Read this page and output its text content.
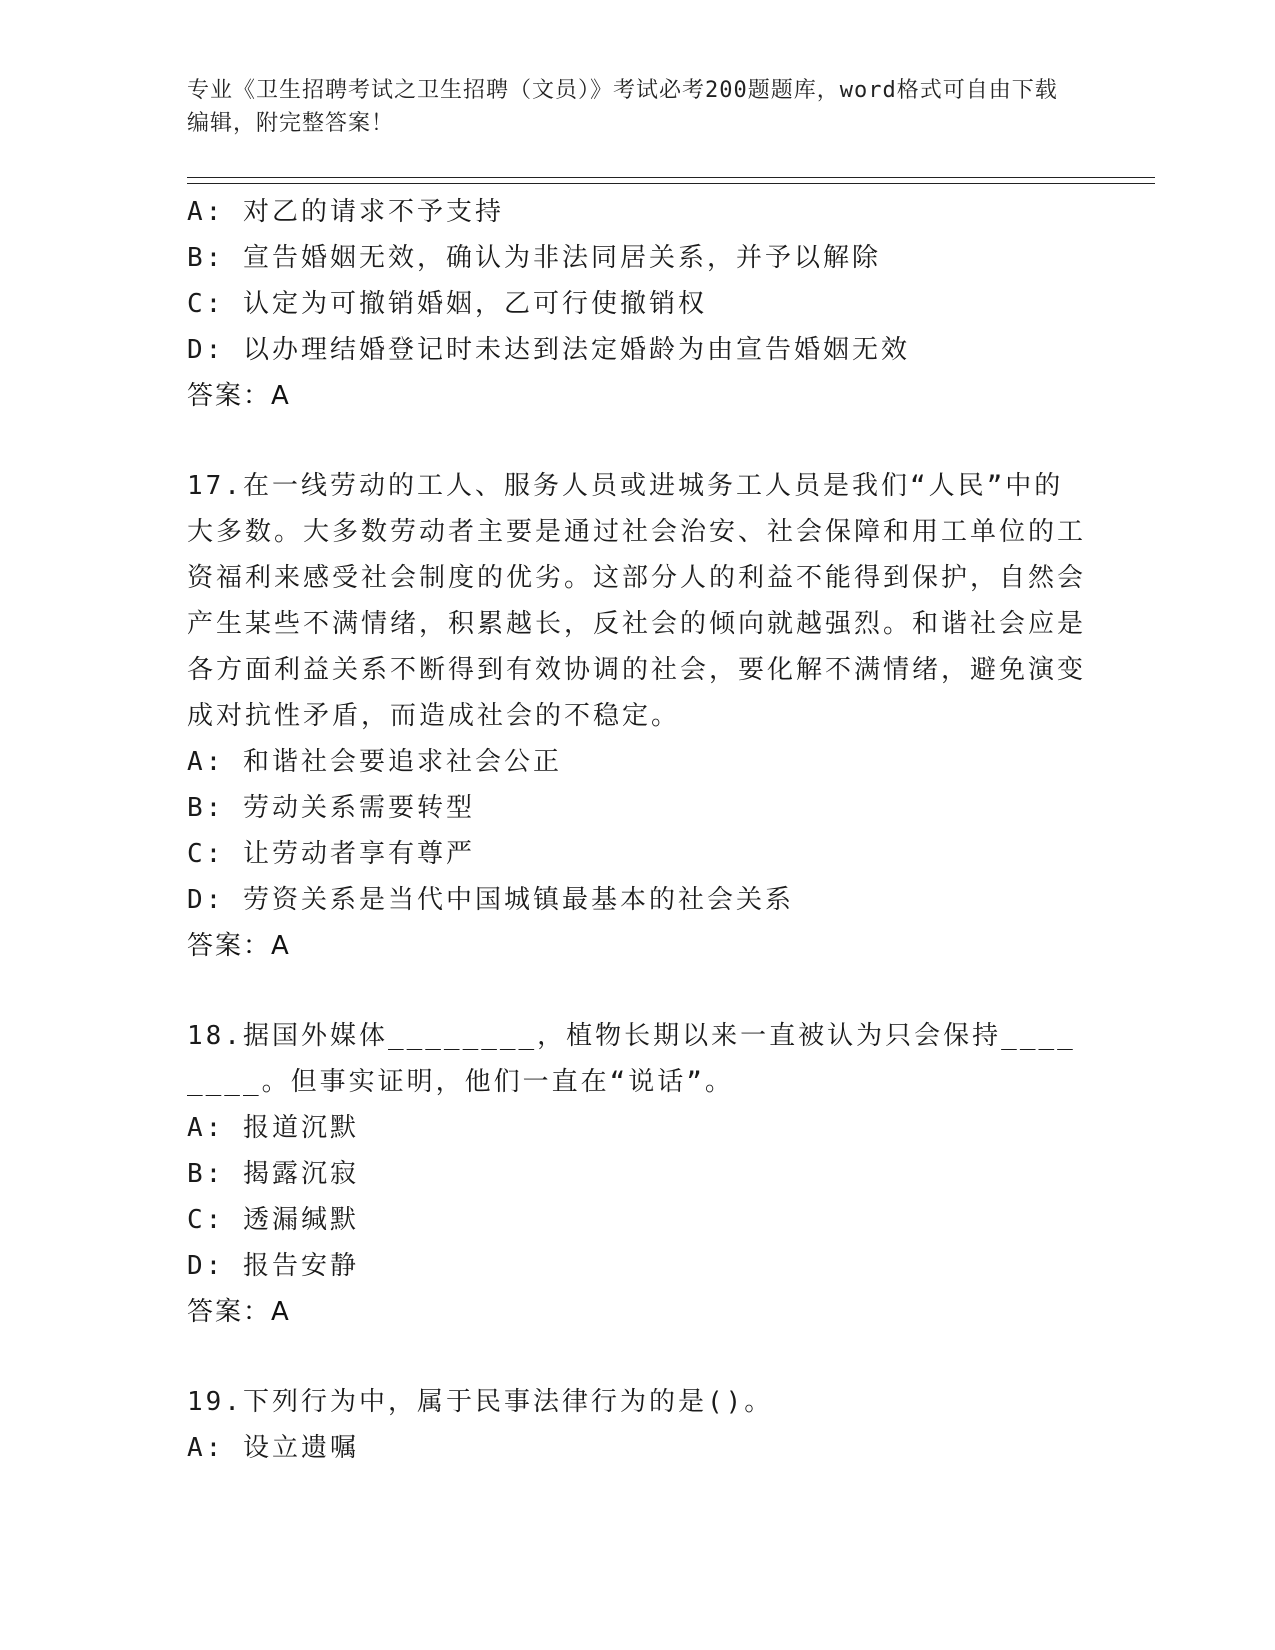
专业《卫生招聘考试之卫生招聘（文员）》考试必考200题题库，word格式可自由下载编辑，附完整答案！
A: 对乙的请求不予支持
B: 宣告婚姻无效，确认为非法同居关系，并予以解除
C: 认定为可撤销婚姻，乙可行使撤销权
D: 以办理结婚登记时未达到法定婚龄为由宣告婚姻无效
答案：A
17.在一线劳动的工人、服务人员或进城务工人员是我们“人民”中的大多数。大多数劳动者主要是通过社会治安、社会保障和用工单位的工资福利来感受社会制度的优劣。这部分人的利益不能得到保护，自然会产生某些不满情绪，积累越长，反社会的倾向就越强烈。和谐社会应是各方面利益关系不断得到有效协调的社会，要化解不满情绪，避免演变成对抗性矛盾，而造成社会的不稳定。
A: 和谐社会要追求社会公正
B: 劳动关系需要转型
C: 让劳动者享有尊严
D: 劳资关系是当代中国城镇最基本的社会关系
答案：A
18.据国外媒体________，植物长期以来一直被认为只会保持________。但事实证明，他们一直在“说话”。
A: 报道沉默
B: 揭露沉寂
C: 透漏缄默
D: 报告安静
答案：A
19.下列行为中，属于民事法律行为的是()。
A: 设立遗嘱
